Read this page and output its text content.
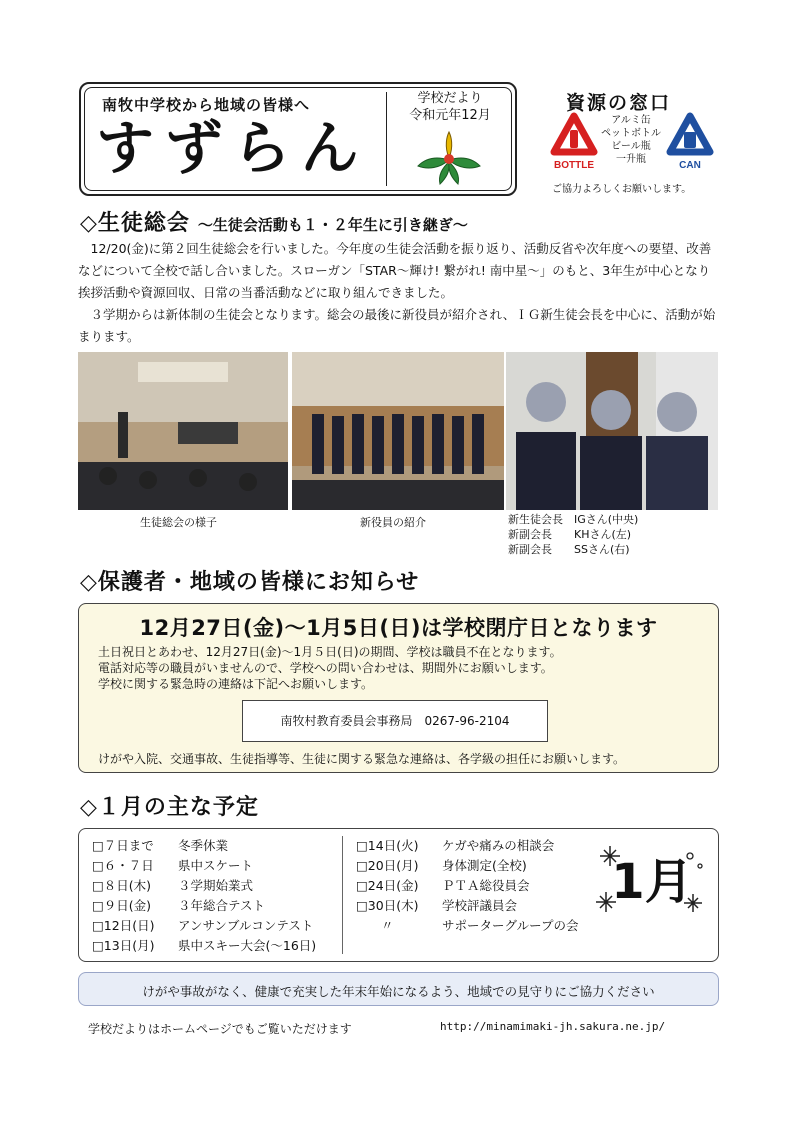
南牧中学校から地域の皆様へ
すずらん
学校だより
令和元年12月
資源の窓口
BOTTLE
アルミ缶
ペットボトル
ビール瓶
一升瓶
CAN
ご協力よろしくお願いします。
◇生徒総会 ～生徒会活動も１・２年生に引き継ぎ～
　12/20(金)に第２回生徒総会を行いました。今年度の生徒会活動を振り返り、活動反省や次年度への要望、改善などについて全校で話し合いました。スローガン「STAR～輝け! 繋がれ! 南中星～」のもと、3年生が中心となり挨拶活動や資源回収、日常の当番活動などに取り組んできました。
　３学期からは新体制の生徒会となります。総会の最後に新役員が紹介され、ＩＧ新生徒会長を中心に、活動が始まります。
生徒総会の様子	新役員の紹介	新生徒会長　IGさん(中央)
新副会長　　KHさん(左)
新副会長　　SSさん(右)
◇保護者・地域の皆様にお知らせ
12月27日(金)～1月5日(日)は学校閉庁日となります
土日祝日とあわせ、12月27日(金)～1月５日(日)の期間、学校は職員不在となります。
電話対応等の職員がいませんので、学校への問い合わせは、期間外にお願いします。
学校に関する緊急時の連絡は下記へお願いします。
南牧村教育委員会事務局　0267-96-2104
けがや入院、交通事故、生徒指導等、生徒に関する緊急な連絡は、各学級の担任にお願いします。
◇１月の主な予定
□７日まで	冬季休業
□６・７日	県中スケート
□８日(木)	３学期始業式
□９日(金)	３年総合テスト
□12日(日)	アンサンブルコンテスト
□13日(月)	県中スキー大会(～16日)
□14日(火)	ケガや痛みの相談会
□20日(月)	身体測定(全校)
□24日(金)	ＰＴＡ総役員会
□30日(木)	学校評議員会
　　〃	サポーターグループの会
1月
けがや事故がなく、健康で充実した年末年始になるよう、地域での見守りにご協力ください
学校だよりはホームページでもご覧いただけます	http://minamimaki-jh.sakura.ne.jp/
